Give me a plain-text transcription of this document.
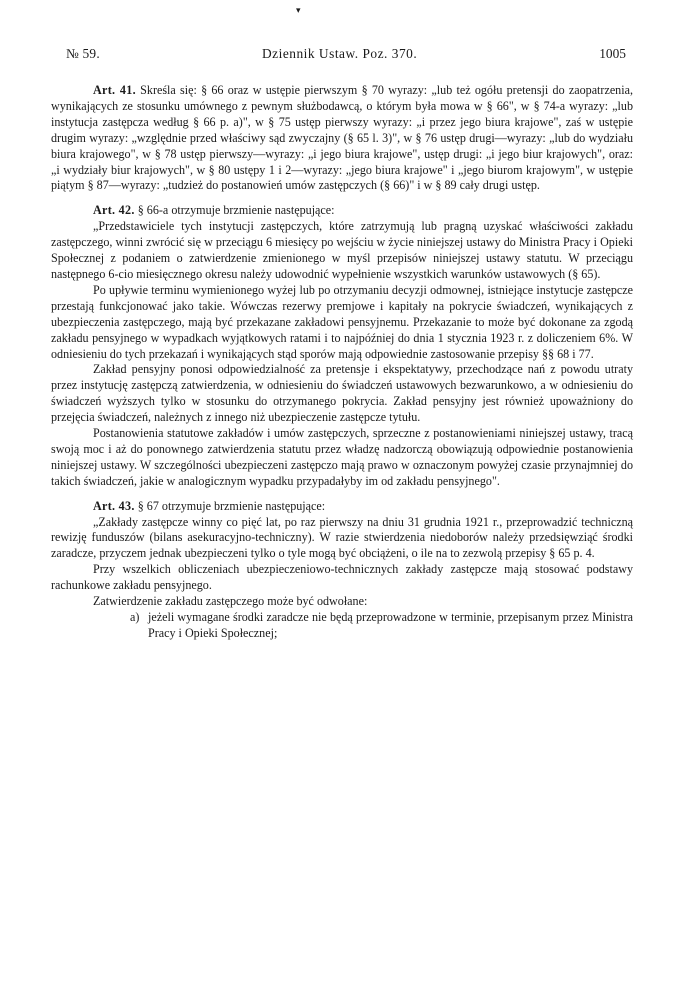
▾
№ 59.	Dziennik Ustaw. Poz. 370.	1005

Art. 41. Skreśla się: § 66 oraz w ustępie pierwszym § 70 wyrazy: „lub też ogółu pretensji do zaopatrzenia, wynikających ze stosunku umównego z pewnym służbodawcą, o którym była mowa w § 66", w § 74-a wyrazy: „lub instytucja zastępcza według § 66 p. a)", w § 75 ustęp pierwszy wyrazy: „i przez jego biura krajowe", zaś w ustępie drugim wyrazy: „względnie przed właściwy sąd zwyczajny (§ 65 l. 3)", w § 76 ustęp drugi—wyrazy: „lub do wydziału biura krajowego", w § 78 ustęp pierwszy—wyrazy: „i jego biura krajowe", ustęp drugi: „i jego biur krajowych", oraz: „i wydziały biur krajowych", w § 80 ustępy 1 i 2—wyrazy: „jego biura krajowe" i „jego biurom krajowym", w ustępie piątym § 87—wyrazy: „tudzież do postanowień umów zastępczych (§ 66)" i w § 89 cały drugi ustęp.

Art. 42. § 66-a otrzymuje brzmienie następujące:

„Przedstawiciele tych instytucji zastępczych, które zatrzymują lub pragną uzyskać właściwości zakładu zastępczego, winni zwrócić się w przeciągu 6 miesięcy po wejściu w życie niniejszej ustawy do Ministra Pracy i Opieki Społecznej z podaniem o zatwierdzenie zmienionego w myśl przepisów niniejszej ustawy statutu. W przeciągu następnego 6-cio miesięcznego okresu należy udowodnić wypełnienie wszystkich warunków ustawowych (§ 65).

Po upływie terminu wymienionego wyżej lub po otrzymaniu decyzji odmownej, istniejące instytucje zastępcze przestają funkcjonować jako takie. Wówczas rezerwy premjowe i kapitały na pokrycie świadczeń, wynikających z ubezpieczenia zastępczego, mają być przekazane zakładowi pensyjnemu. Przekazanie to może być dokonane za zgodą zakładu pensyjnego w wypadkach wyjątkowych ratami i to najpóźniej do dnia 1 stycznia 1923 r. z doliczeniem 6%. W odniesieniu do tych przekazań i wynikających stąd sporów mają odpowiednie zastosowanie przepisy §§ 68 i 77.

Zakład pensyjny ponosi odpowiedzialność za pretensje i ekspektatywy, przechodzące nań z powodu utraty przez instytucję zastępczą zatwierdzenia, w odniesieniu do świadczeń ustawowych bezwarunkowo, a w odniesieniu do świadczeń wyższych tylko w stosunku do otrzymanego pokrycia. Zakład pensyjny jest również upoważniony do przejęcia świadczeń, należnych z innego niż ubezpieczenie zastępcze tytułu.

Postanowienia statutowe zakładów i umów zastępczych, sprzeczne z postanowieniami niniejszej ustawy, tracą swoją moc i aż do ponownego zatwierdzenia statutu przez władzę nadzorczą obowiązują odpowiednie postanowienia niniejszej ustawy. W szczególności ubezpieczeni zastępczo mają prawo w oznaczonym powyżej czasie przynajmniej do takich świadczeń, jakie w analogicznym wypadku przypadałyby im od zakładu pensyjnego".

Art. 43. § 67 otrzymuje brzmienie następujące:

„Zakłady zastępcze winny co pięć lat, po raz pierwszy na dniu 31 grudnia 1921 r., przeprowadzić techniczną rewizję funduszów (bilans asekuracyjno-techniczny). W razie stwierdzenia niedoborów należy przedsięwziąć środki zaradcze, przyczem jednak ubezpieczeni tylko o tyle mogą być obciążeni, o ile na to zezwolą przepisy § 65 p. 4.

Przy wszelkich obliczeniach ubezpieczeniowo-technicznych zakłady zastępcze mają stosować podstawy rachunkowe zakładu pensyjnego.

Zatwierdzenie zakładu zastępczego może być odwołane:

a) jeżeli wymagane środki zaradcze nie będą przeprowadzone w terminie, przepisanym przez Ministra Pracy i Opieki Społecznej;
